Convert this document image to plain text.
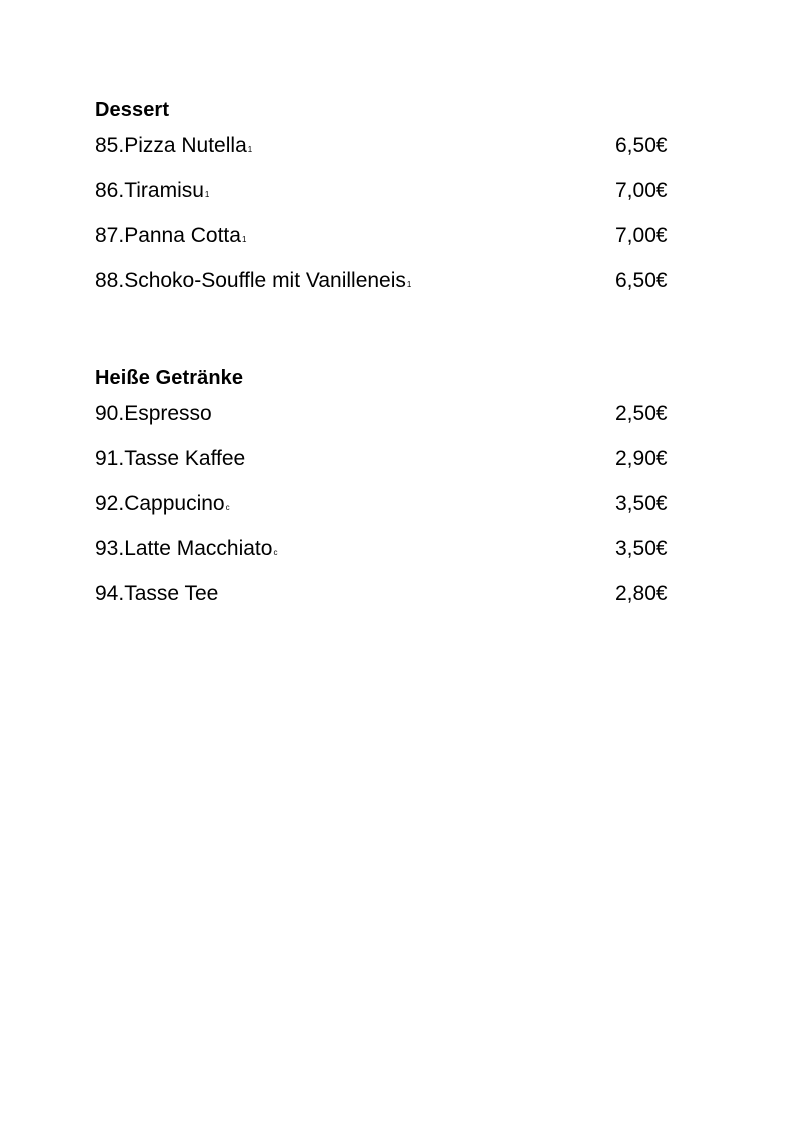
Dessert
85.Pizza Nutella1	6,50€
86.Tiramisu1	7,00€
87.Panna Cotta1	7,00€
88.Schoko-Souffle mit Vanilleneis1	6,50€
Heiße Getränke
90.Espresso	2,50€
91.Tasse Kaffee	2,90€
92.Cappucinoc	3,50€
93.Latte Macchiatoc	3,50€
94.Tasse Tee	2,80€
